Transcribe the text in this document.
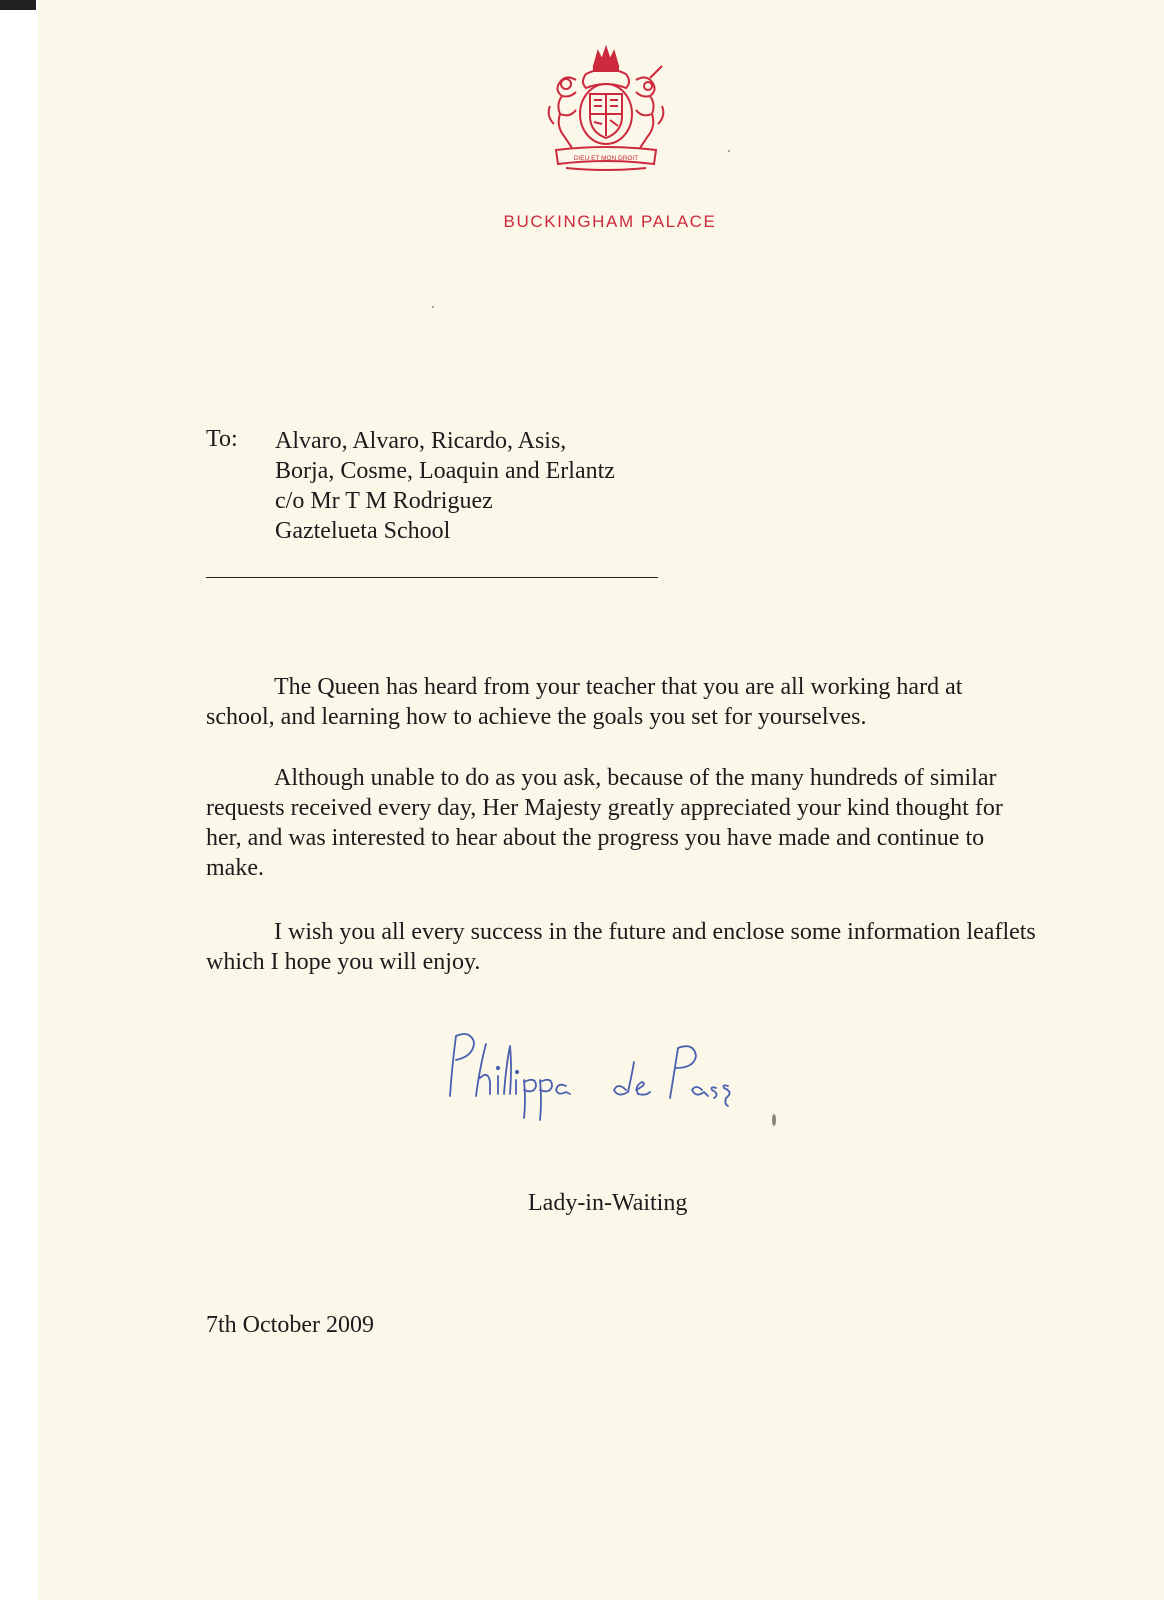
DIEU ET MON DROIT
BUCKINGHAM PALACE
To: Alvaro, Alvaro, Ricardo, Asis,
Borja, Cosme, Loaquin and Erlantz
c/o Mr T M Rodriguez
Gaztelueta School

The Queen has heard from your teacher that you are all working hard at school, and learning how to achieve the goals you set for yourselves.

Although unable to do as you ask, because of the many hundreds of similar requests received every day, Her Majesty greatly appreciated your kind thought for her, and was interested to hear about the progress you have made and continue to make.

I wish you all every success in the future and enclose some information leaflets which I hope you will enjoy.

Lady-in-Waiting
7th October 2009
